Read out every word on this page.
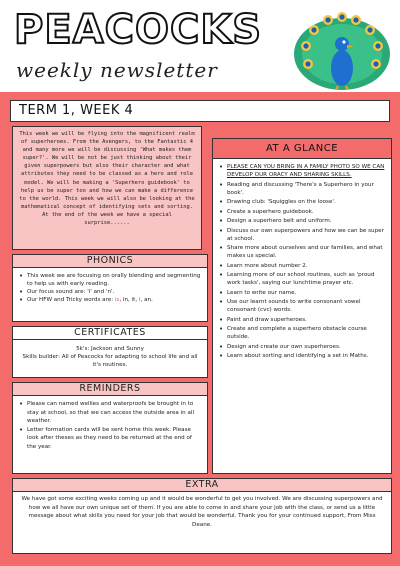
PEACOCKS
weekly newsletter
TERM 1, WEEK 4

This week we will be flying into the magnificent realm of superheroes. From the Avengers, to the Fantastic 4 and many more we will be discussing 'What makes them super?'. We will be not be just thinking about their given superpowers but also their character and what attributes they need to be classed as a hero and role model. We will be making a 'Superhero guidebook' to help us be super too and how we can make a difference to the world. This week we will also be looking at the mathematical concept of identifying sets and sorting. At the end of the week we have a special surprise......

PHONICS
• This week we are focusing on orally blending and segmenting to help us with early reading.
• Our focus sound are: 'i' and 'n'.
• Our HFW and Tricky words are: is, in, it, I, an.
CERTIFICATES

5k's: Jackson and Sunny

Skills builder: All of Peacocks for adapting to school life and all it's routines.

REMINDERS
• Please can named wellies and waterproofs be brought in to stay at school, so that we can access the outside area in all weather.
• Letter formation cards will be sent home this week. Please look after theses as they need to be returned at the end of the year.
AT A GLANCE
• PLEASE CAN YOU BRING IN A FAMILY PHOTO SO WE CAN DEVELOP OUR ORACY AND SHARING SKILLS.
• Reading and discussing 'There's a Superhero in your book'.
• Drawing club: 'Squiggles on the loose'.
• Create a superhero guidebook.
• Design a superhero belt and uniform.
• Discuss our own superpowers and how we can be super at school.
• Share more about ourselves and our families, and what makes us special.
• Learn more about number 2.
• Learning more of our school routines, such as 'proud work tasks', saying our lunchtime prayer etc.
• Learn to write our name.
• Use our learnt sounds to write consonant vowel consonant (cvc) words.
• Paint and draw superheroes.
• Create and complete a superhero obstacle course outside.
• Design and create our own superheroes.
• Learn about sorting and identifying a set in Maths.
EXTRA

We have got some exciting weeks coming up and it would be wonderful to get you involved. We are discussing superpowers and how we all have our own unique set of them. If you are able to come in and share your job with the class, or send us a little message about what skills you need for your job that would be wonderful. Thank you for your continued support, From Miss Deane.
